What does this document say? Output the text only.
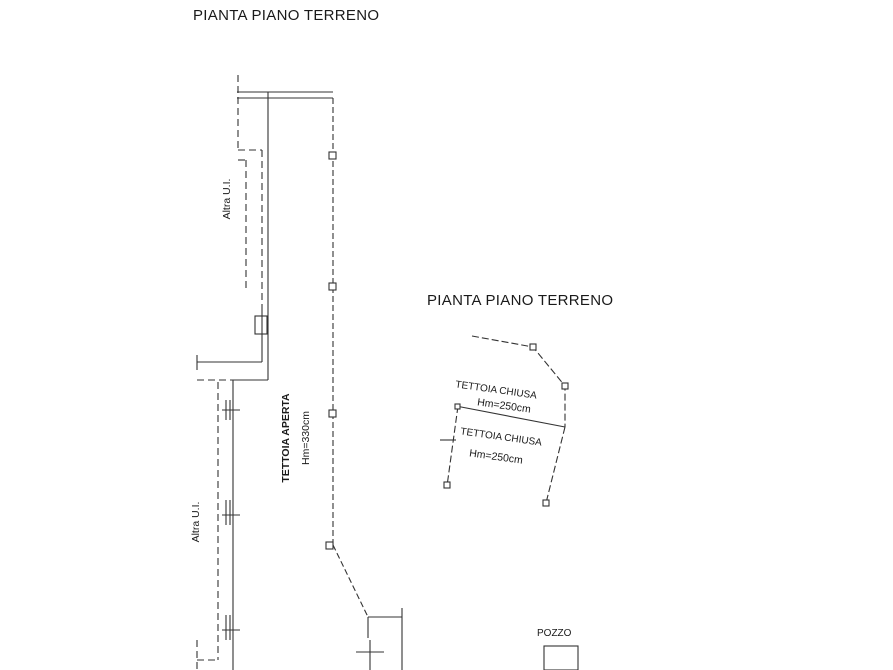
PIANTA PIANO TERRENO
Altra U.I.
Altra U.I.
TETTOIA APERTA Hm=330cm
PIANTA PIANO TERRENO
TETTOIA CHIUSA
Hm=250cm
TETTOIA CHIUSA
Hm=250cm
POZZO
